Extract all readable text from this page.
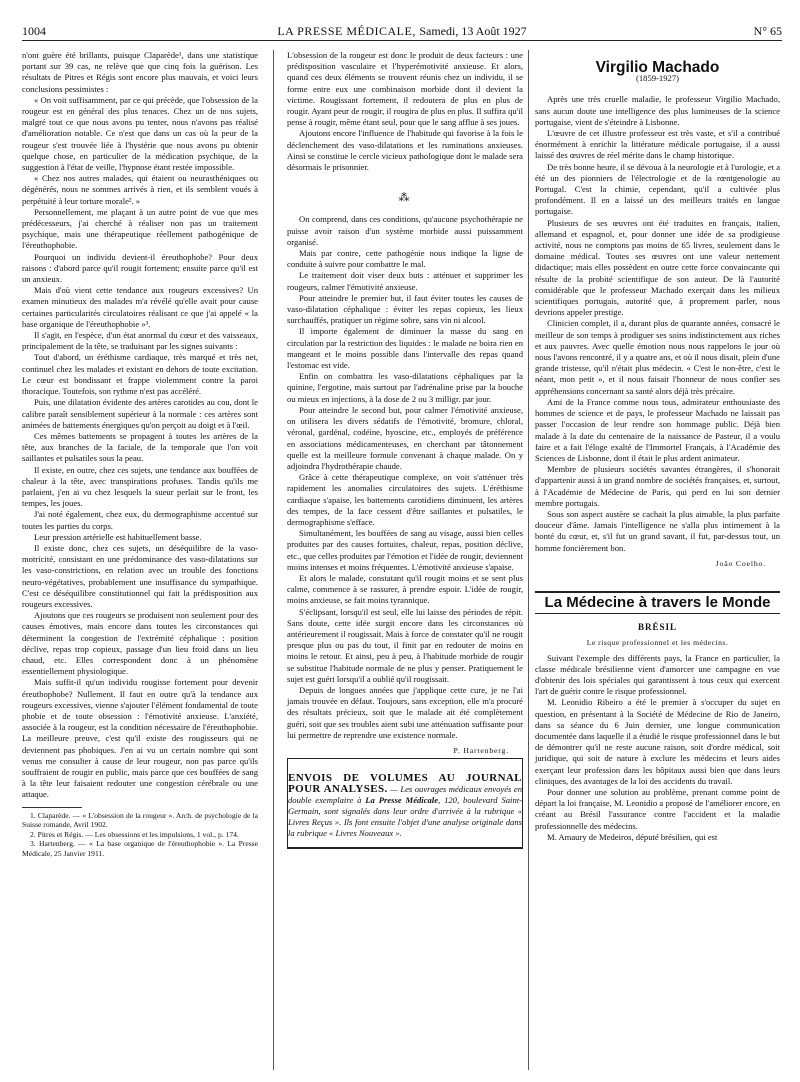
1004	LA PRESSE MÉDICALE, Samedi, 13 Août 1927	N° 65

n'ont guère été brillants, puisque Claparède¹, dans une statistique portant sur 39 cas, ne relève que que cinq fois la guérison. Les résultats de Pitres et Régis sont encore plus mauvais, et voici leurs conclusions pessimistes :

« On voit suffisamment, par ce qui précède, que l'obsession de la rougeur est en général des plus tenaces. Chez un de nos sujets, malgré tout ce que nous avons pu tenter, nous n'avons pas réalisé d'amélioration notable. Ce n'est que dans un cas où la peur de la rougeur s'est trouvée liée à l'hystérie que nous avons pu obtenir quelque chose, en particulier de la médication psychique, de la suggestion à l'état de veille, l'hypnose étant restée impossible.

« Chez nos autres malades, qui étaient ou neurasthéniques ou dégénérés, nous ne sommes arrivés à rien, et ils semblent voués à perpétuité à leur torture morale². »

Personnellement, me plaçant à un autre point de vue que mes prédécesseurs, j'ai cherché à réaliser non pas un traitement psychique, mais une thérapeutique réellement pathogénique de l'éreuthophobie.

Pourquoi un individu devient-il éreuthophobe? Pour deux raisons : d'abord parce qu'il rougit fortement; ensuite parce qu'il est un anxieux.

Mais d'où vient cette tendance aux rougeurs excessives? Un examen minutieux des malades m'a révélé qu'elle avait pour cause certaines particularités circulatoires réalisant ce que j'ai appelé « la base organique de l'éreuthophobie »³.

Il s'agit, en l'espèce, d'un état anormal du cœur et des vaisseaux, principalement de la tête, se traduisant par les signes suivants :

Tout d'abord, un éréthisme cardiaque, très marqué et très net, continuel chez les malades et existant en dehors de toute excitation. Le cœur est bondissant et frappe violemment contre la paroi thoracique. Toutefois, son rythme n'est pas accéléré.

Puis, une dilatation évidente des artères carotides au cou, dont le calibre paraît sensiblement supérieur à la normale : ces artères sont animées de battements énergiques qu'on perçoit au doigt et à l'œil.

Ces mêmes battements se propagent à toutes les artères de la tête, aux branches de la faciale, de la temporale que l'on voit saillantes et pulsatiles sous la peau.

Il existe, en outre, chez ces sujets, une tendance aux bouffées de chaleur à la tête, avec transpirations profuses. Tandis qu'ils me parlaient, j'en ai vu chez lesquels la sueur perlait sur le front, les tempes, les joues.

J'ai noté également, chez eux, du dermographisme accentué sur toutes les parties du corps.

Leur pression artérielle est habituellement basse.

Il existe donc, chez ces sujets, un déséquilibre de la vaso-motricité, consistant en une prédominance des vaso-dilatations sur les vaso-constrictions, en relation avec un trouble des fonctions neuro-végétatives, probablement une insuffisance du sympathique. C'est ce déséquilibre constitutionnel qui fait la prédisposition aux rougeurs excessives.

Ajoutons que ces rougeurs se produisent non seulement pour des causes émotives, mais encore dans toutes les circonstances qui déterminent la congestion de l'extrémité céphalique : position déclive, repas trop copieux, passage d'un lieu froid dans un lieu chaud, etc. Elles correspondent donc à un phénomène essentiellement physiologique.

Mais suffit-il qu'un individu rougisse fortement pour devenir éreuthophobe? Nullement. Il faut en outre qu'à la tendance aux rougeurs excessives, vienne s'ajouter l'élément fondamental de toute phobie et de toute obsession : l'émotivité anxieuse. L'anxiété, associée à la rougeur, est la condition nécessaire de l'éreuthophobie. La meilleure preuve, c'est qu'il existe des rougisseurs qui ne deviennent pas phobiques. J'en ai vu un certain nombre qui sont venus me consulter à cause de leur rougeur, non pas parce qu'ils souffraient de rougir en public, mais parce que ces bouffées de sang à la tête leur faisaient redouter une congestion cérébrale ou une attaque.

1. Claparède. — « L'obsession de la rougeur ». Arch. de psychologie de la Suisse romande, Avril 1902.

2. Pitres et Régis. — Les obsessions et les impulsions, 1 vol., p. 174.

3. Hartenberg. — « La base organique de l'éreuthophobie ». La Presse Médicale, 25 Janvier 1911.

L'obsession de la rougeur est donc le produit de deux facteurs : une prédisposition vasculaire et l'hyperémotivité anxieuse. Et alors, quand ces deux éléments se trouvent réunis chez un individu, il se forme entre eux une combinaison morbide dont il devient la victime. Rougissant fortement, il redoutera de plus en plus de rougir. Ayant peur de rougir, il rougira de plus en plus. Il suffira qu'il pense à rougir, même étant seul, pour que le sang afflue à ses joues.

Ajoutons encore l'influence de l'habitude qui favorise à la fois le déclenchement des vaso-dilatations et les ruminations anxieuses. Ainsi se constitue le cercle vicieux pathologique dont le malade sera désormais le prisonnier.

⁂

On comprend, dans ces conditions, qu'aucune psychothérapie ne puisse avoir raison d'un système morbide aussi puissamment organisé.

Mais par contre, cette pathogénie nous indique la ligne de conduite à suivre pour combattre le mal.

Le traitement doit viser deux buts : atténuer et supprimer les rougeurs, calmer l'émotivité anxieuse.

Pour atteindre le premier but, il faut éviter toutes les causes de vaso-dilatation céphalique : éviter les repas copieux, les lieux surchauffés, pratiquer un régime sobre, sans vin ni alcool.

Il importe également de diminuer la masse du sang en circulation par la restriction des liquides : le malade ne boira rien en mangeant et le moins possible dans l'intervalle des repas quand l'estomac est vide.

Enfin on combattra les vaso-dilatations céphaliques par la quinine, l'ergotine, mais surtout par l'adrénaline prise par la bouche ou mieux en injections, à la dose de 2 ou 3 milligr. par jour.

Pour atteindre le second but, pour calmer l'émotivité anxieuse, on utilisera les divers sédatifs de l'émotivité, bromure, chloral, véronal, gardénal, codéine, hyoscine, etc., employés de préférence en associations médicamenteuses, en cherchant par tâtonnement quelle est la meilleure formule convenant à chaque malade. On y adjoindra l'hydrothérapie chaude.

Grâce à cette thérapeutique complexe, on voit s'atténuer très rapidement les anomalies circulatoires des sujets. L'éréthisme cardiaque s'apaise, les battements carotidiens diminuent, les artères des tempes, de la face cessent d'être saillantes et pulsatiles, le dermographisme s'efface.

Simultanément, les bouffées de sang au visage, aussi bien celles produites par des causes fortuites, chaleur, repas, position déclive, etc., que celles produites par l'émotion et l'idée de rougir, deviennent moins intenses et moins fréquentes. L'émotivité anxieuse s'apaise.

Et alors le malade, constatant qu'il rougit moins et se sent plus calme, commence à se rassurer, à prendre espoir. L'idée de rougir, moins anxieuse, se fait moins tyrannique.

S'éclipsant, lorsqu'il est seul, elle lui laisse des périodes de répit. Sans doute, cette idée surgit encore dans les circonstances où antérieurement il rougissait. Mais à force de constater qu'il ne rougit presque plus ou pas du tout, il finit par en redouter de moins en moins le retour. Et ainsi, peu à peu, à l'habitude morbide de rougir se substitue l'habitude normale de ne plus y penser. Pratiquement le sujet est guéri lorsqu'il a oublié qu'il rougissait.

Depuis de longues années que j'applique cette cure, je ne l'ai jamais trouvée en défaut. Toujours, sans exception, elle m'a procuré des résultats précieux, soit que le malade ait été complètement guéri, soit que ses troubles aient subi une atténuation suffisante pour lui permettre de reprendre une existence normale.

P. Hartenberg.
ENVOIS DE VOLUMES AU JOURNAL POUR ANALYSES. — Les ouvrages médicaux envoyés en double exemplaire à La Presse Médicale, 120, boulevard Saint-Germain, sont signalés dans leur ordre d'arrivée à la rubrique « Livres Reçus ». Ils font ensuite l'objet d'une analyse originale dans la rubrique « Livres Nouveaux ».
Virgilio Machado
(1859-1927)

Après une très cruelle maladie, le professeur Virgilio Machado, sans aucun doute une intelligence des plus lumineuses de la science portugaise, vient de s'éteindre à Lisbonne.

L'œuvre de cet illustre professeur est très vaste, et s'il a contribué énormément à enrichir la littérature médicale portugaise, il a aussi laissé des œuvres de réel mérite dans le champ historique.

De très bonne heure, il se dévoua à la neurologie et à l'urologie, et a été un des pionniers de l'électrologie et de la rœntgenologie au Portugal. C'est la chimie, cependant, qu'il a cultivée plus profondément. Il en a laissé un des meilleurs traités en langue portugaise.

Plusieurs de ses œuvres ont été traduites en français, italien, allemand et espagnol, et, pour donner une idée de sa prodigieuse activité, nous ne comptons pas moins de 65 livres, seulement dans le domaine médical. Toutes ses œuvres ont une valeur nettement didactique; mais elles possèdent en outre cette force convaincante qui résulte de la probité scientifique de son auteur. De là l'autorité considérable que le professeur Machado exerçait dans les milieux scientifiques portugais, autorité que, à proprement parler, nous devrions appeler prestige.

Clinicien complet, il a, durant plus de quarante années, consacré le meilleur de son temps à prodiguer ses soins indistinctement aux riches et aux pauvres. Avec quelle émotion nous nous rappelons le jour où nous l'avons rencontré, il y a quatre ans, et où il nous disait, plein d'une grande tristesse, qu'il n'était plus médecin. « C'est le non-être, c'est le néant, mon petit », et il nous faisait l'honneur de nous confier ses appréhensions concernant sa santé alors déjà très précaire.

Ami de la France comme nous tous, admirateur enthousiaste des hommes de science et de pays, le professeur Machado ne laissait pas passer l'occasion de leur rendre son hommage public. Déjà bien malade à la date du centenaire de la naissance de Pasteur, il a voulu faire et a fait l'éloge exalté de l'Immortel Français, à l'Académie des Sciences de Lisbonne, dont il était le plus ardent animateur.

Membre de plusieurs sociétés savantes étrangères, il s'honorait d'appartenir aussi à un grand nombre de sociétés françaises, et, surtout, à l'Académie de Médecine de Paris, qui perd en lui son dernier membre portugais.

Sous son aspect austère se cachait la plus aimable, la plus parfaite douceur d'âme. Jamais l'intelligence ne s'alla plus intimement à la bonté du cœur, et, s'il fut un grand savant, il fut, par-dessus tout, un homme foncièrement bon.

João Coelho.
La Médecine à travers le Monde
BRÉSIL
Le risque professionnel et les médecins.

Suivant l'exemple des différents pays, la France en particulier, la classe médicale brésilienne vient d'amorcer une campagne en vue d'obtenir des lois spéciales qui garantissent à tous ceux qui exercent l'art de guérir contre le risque professionnel.

M. Leonidio Ribeiro a été le premier à s'occuper du sujet en question, en présentant à la Société de Médecine de Rio de Janeiro, dans sa séance du 6 Juin dernier, une longue communication documentée dans laquelle il a étudié le risque professionnel dans le but de démontrer qu'il ne reste aucune raison, soit d'ordre médical, soit juridique, qui soit de nature à exclure les médecins et leurs aides exerçant leur profession dans les hôpitaux aussi bien que dans leurs cliniques, des avantages de la loi des accidents du travail.

Pour donner une solution au problème, prenant comme point de départ la loi française, M. Leonidio a proposé de l'améliorer encore, en créant au Brésil l'assurance contre l'accident et la maladie professionnelle des médecins.

M. Amaury de Medeiros, député brésilien, qui est
